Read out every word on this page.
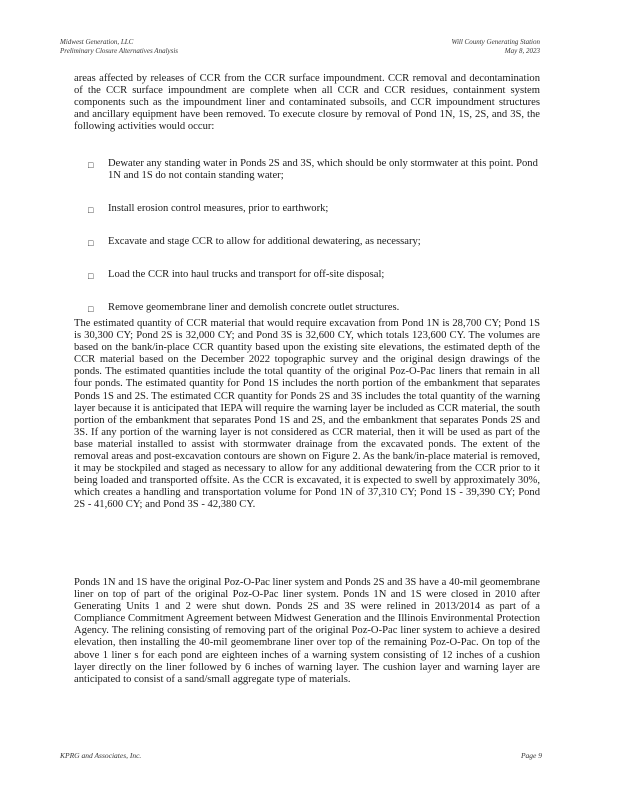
Midwest Generation, LLC
Preliminary Closure Alternatives Analysis
Will County Generating Station
May 8, 2023

areas affected by releases of CCR from the CCR surface impoundment. CCR removal and decontamination of the CCR surface impoundment are complete when all CCR and CCR residues, containment system components such as the impoundment liner and contaminated subsoils, and CCR impoundment structures and ancillary equipment have been removed. To execute closure by removal of Pond 1N, 1S, 2S, and 3S, the following activities would occur:

□ Dewater any standing water in Ponds 2S and 3S, which should be only stormwater at this point. Pond 1N and 1S do not contain standing water;
□ Install erosion control measures, prior to earthwork;
□ Excavate and stage CCR to allow for additional dewatering, as necessary;
□ Load the CCR into haul trucks and transport for off-site disposal;
□ Remove geomembrane liner and demolish concrete outlet structures.

The estimated quantity of CCR material that would require excavation from Pond 1N is 28,700 CY; Pond 1S is 30,300 CY; Pond 2S is 32,000 CY; and Pond 3S is 32,600 CY, which totals 123,600 CY. The volumes are based on the bank/in-place CCR quantity based upon the existing site elevations, the estimated depth of the CCR material based on the December 2022 topographic survey and the original design drawings of the ponds. The estimated quantities include the total quantity of the original Poz-O-Pac liners that remain in all four ponds. The estimated quantity for Pond 1S includes the north portion of the embankment that separates Ponds 1S and 2S. The estimated CCR quantity for Ponds 2S and 3S includes the total quantity of the warning layer because it is anticipated that IEPA will require the warning layer be included as CCR material, the south portion of the embankment that separates Pond 1S and 2S, and the embankment that separates Ponds 2S and 3S. If any portion of the warning layer is not considered as CCR material, then it will be used as part of the base material installed to assist with stormwater drainage from the excavated ponds. The extent of the removal areas and post-excavation contours are shown on Figure 2. As the bank/in-place material is removed, it may be stockpiled and staged as necessary to allow for any additional dewatering from the CCR prior to it being loaded and transported offsite. As the CCR is excavated, it is expected to swell by approximately 30%, which creates a handling and transportation volume for Pond 1N of 37,310 CY; Pond 1S - 39,390 CY; Pond 2S - 41,600 CY; and Pond 3S - 42,380 CY.

Ponds 1N and 1S have the original Poz-O-Pac liner system and Ponds 2S and 3S have a 40-mil geomembrane liner on top of part of the original Poz-O-Pac liner system. Ponds 1N and 1S were closed in 2010 after Generating Units 1 and 2 were shut down. Ponds 2S and 3S were relined in 2013/2014 as part of a Compliance Commitment Agreement between Midwest Generation and the Illinois Environmental Protection Agency. The relining consisting of removing part of the original Poz-O-Pac liner system to achieve a desired elevation, then installing the 40-mil geomembrane liner over top of the remaining Poz-O-Pac. On top of the above 1 liner s for each pond are eighteen inches of a warning system consisting of 12 inches of a cushion layer directly on the liner followed by 6 inches of warning layer. The cushion layer and warning layer are anticipated to consist of a sand/small aggregate type of materials.

KPRG and Associates, Inc.	Page 9
